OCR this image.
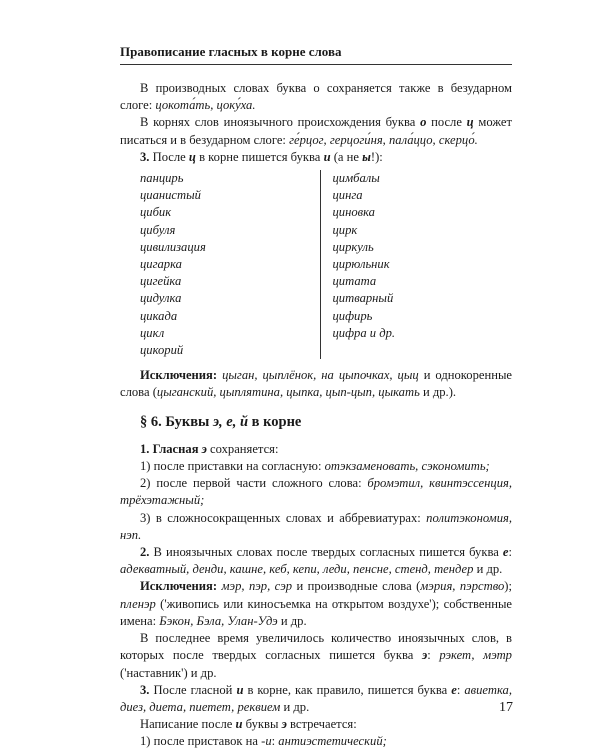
Правописание гласных в корне слова

В производных словах буква о сохраняется также в безударном слоге: цокота́ть, цоку́ха.

В корнях слов иноязычного происхождения буква о после ц может писаться и в безударном слоге: ге́рцог, герцоги́ня, пала́ццо, скерцо́.

3. После ц в корне пишется буква и (а не ы!):

панцирь
цианистый
цибик
цибуля
цивилизация
цигарка
цигейка
цидулка
цикада
цикл
цикорий
цимбалы
цинга
циновка
цирк
циркуль
цирюльник
цитата
цитварный
цифирь
цифра и др.

Исключения: цыган, цыплёнок, на цыпочках, цыц и однокоренные слова (цыганский, цыплятина, цыпка, цып-цып, цыкать и др.).

§ 6. Буквы э, е, й в корне

1. Гласная э сохраняется:

1) после приставки на согласную: отэкзаменовать, сэкономить;

2) после первой части сложного слова: бромэтил, квинтэссенция, трёхэтажный;

3) в сложносокращенных словах и аббревиатурах: политэкономия, нэп.

2. В иноязычных словах после твердых согласных пишется буква е: адекватный, денди, кашне, кеб, кепи, леди, пенсне, стенд, тендер и др.

Исключения: мэр, пэр, сэр и производные слова (мэрия, пэрство); пленэр ('живопись или киносъемка на открытом воздухе'); собственные имена: Бэкон, Бэла, Улан-Удэ и др.

В последнее время увеличилось количество иноязычных слов, в которых после твердых согласных пишется буква э: рэкет, мэтр ('наставник') и др.

3. После гласной и в корне, как правило, пишется буква е: авиетка, диез, диета, пиетет, реквием и др.

Написание после и буквы э встречается:

1) после приставок на -и: антиэстетический;

17
